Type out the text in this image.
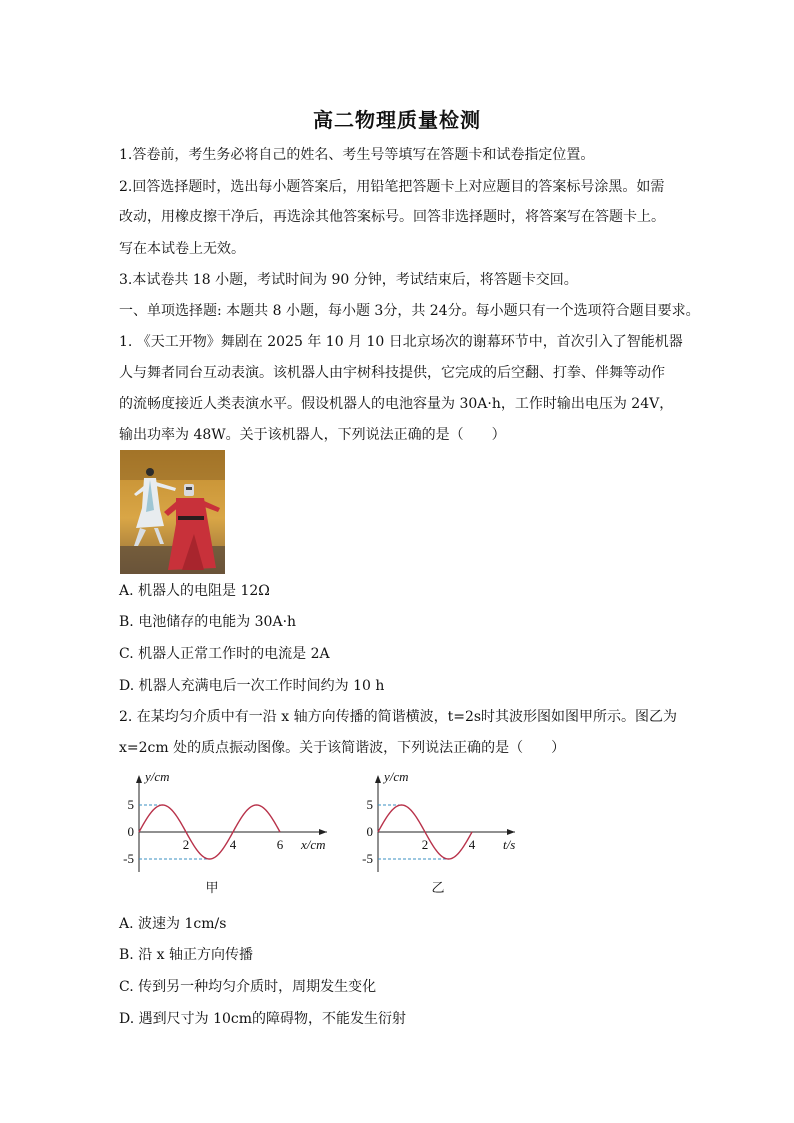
高二物理质量检测
1.答卷前，考生务必将自己的姓名、考生号等填写在答题卡和试卷指定位置。
2.回答选择题时，选出每小题答案后，用铅笔把答题卡上对应题目的答案标号涂黑。如需
改动，用橡皮擦干净后，再选涂其他答案标号。回答非选择题时，将答案写在答题卡上。
写在本试卷上无效。
3.本试卷共 18 小题，考试时间为 90 分钟，考试结束后，将答题卡交回。
一、单项选择题: 本题共 8 小题，每小题 3分，共 24分。每小题只有一个选项符合题目要求。
1. 《天工开物》舞剧在 2025 年 10 月 10 日北京场次的谢幕环节中，首次引入了智能机器
人与舞者同台互动表演。该机器人由宇树科技提供，它完成的后空翻、打拳、伴舞等动作
的流畅度接近人类表演水平。假设机器人的电池容量为 30A·h，工作时输出电压为 24V，
输出功率为 48W。关于该机器人，下列说法正确的是（　　）
A. 机器人的电阻是 12Ω
B. 电池储存的电能为 30A·h
C. 机器人正常工作时的电流是 2A
D. 机器人充满电后一次工作时间约为 10 h
2. 在某均匀介质中有一沿 x 轴方向传播的简谐横波，t=2s时其波形图如图甲所示。图乙为
x=2cm 处的质点振动图像。关于该简谐波，下列说法正确的是（　　）
5
0
-5
2	4	6
y/cm
x/cm
甲
5
0
-5
2	4
y/cm
t/s
乙
A. 波速为 1cm/s
B. 沿 x 轴正方向传播
C. 传到另一种均匀介质时，周期发生变化
D. 遇到尺寸为 10cm的障碍物，不能发生衍射
